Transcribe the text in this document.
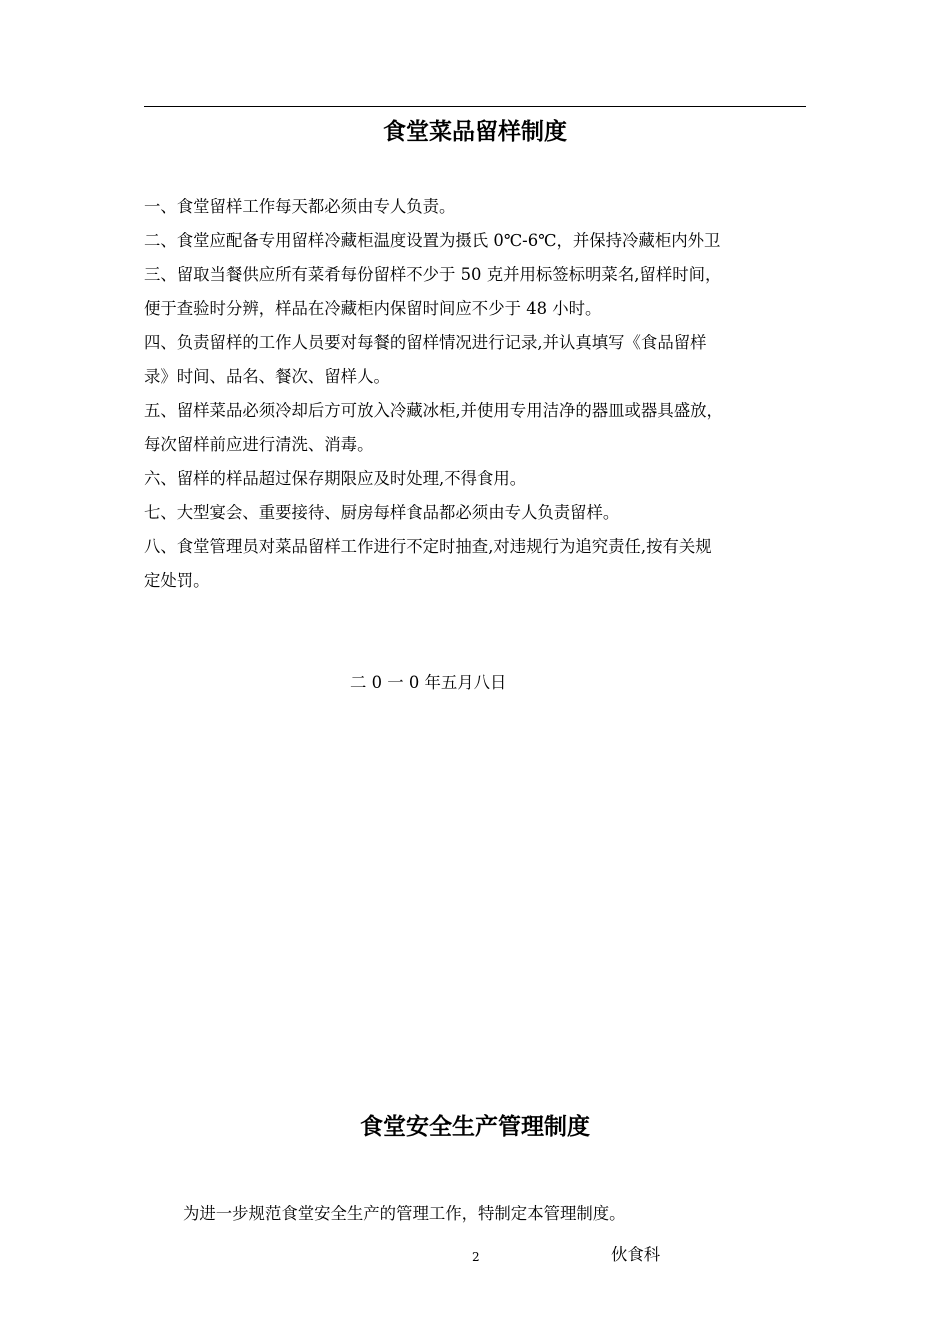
食堂菜品留样制度
一、食堂留样工作每天都必须由专人负责。
二、食堂应配备专用留样冷藏柜温度设置为摄氏 0℃-6℃，并保持冷藏柜内外卫
三、留取当餐供应所有菜肴每份留样不少于 50 克并用标签标明菜名,留样时间，
便于查验时分辨，样品在冷藏柜内保留时间应不少于 48 小时。
四、负责留样的工作人员要对每餐的留样情况进行记录,并认真填写《食品留样
录》时间、品名、餐次、留样人。
五、留样菜品必须冷却后方可放入冷藏冰柜,并使用专用洁净的器皿或器具盛放，
每次留样前应进行清洗、消毒。
六、留样的样品超过保存期限应及时处理,不得食用。
七、大型宴会、重要接待、厨房每样食品都必须由专人负责留样。
八、食堂管理员对菜品留样工作进行不定时抽查,对违规行为追究责任,按有关规
定处罚。
二 0 一 0 年五月八日
食堂安全生产管理制度

为进一步规范食堂安全生产的管理工作，特制定本管理制度。

2	伙食科
